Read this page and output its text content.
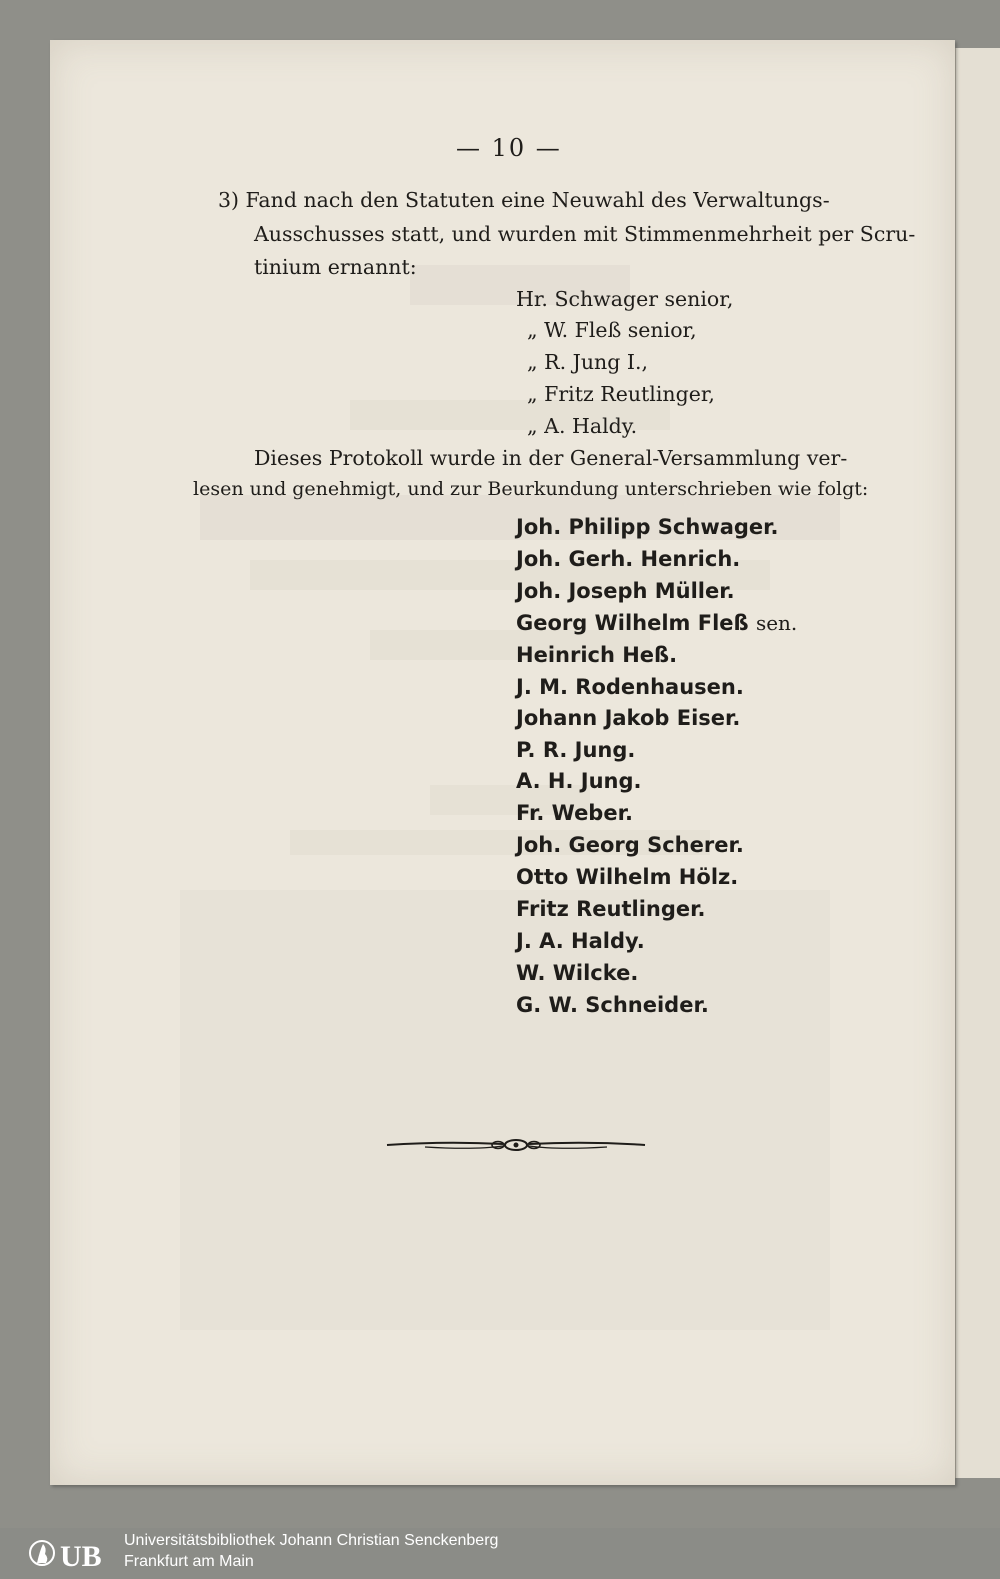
— 10 —
3) Fand nach den Statuten eine Neuwahl des Verwaltungs-
Ausschusses statt, und wurden mit Stimmenmehrheit per Scru-
tinium ernannt:
Hr. Schwager senior,
„ W. Fleß senior,
„ R. Jung I.,
„ Fritz Reutlinger,
„ A. Haldy.
Dieses Protokoll wurde in der General-Versammlung ver-
lesen und genehmigt, und zur Beurkundung unterschrieben wie folgt:
Joh. Philipp Schwager.
Joh. Gerh. Henrich.
Joh. Joseph Müller.
Georg Wilhelm Fleß sen.
Heinrich Heß.
J. M. Rodenhausen.
Johann Jakob Eiser.
P. R. Jung.
A. H. Jung.
Fr. Weber.
Joh. Georg Scherer.
Otto Wilhelm Hölz.
Fritz Reutlinger.
J. A. Haldy.
W. Wilcke.
G. W. Schneider.
UB Universitätsbibliothek Johann Christian Senckenberg
Frankfurt am Main
